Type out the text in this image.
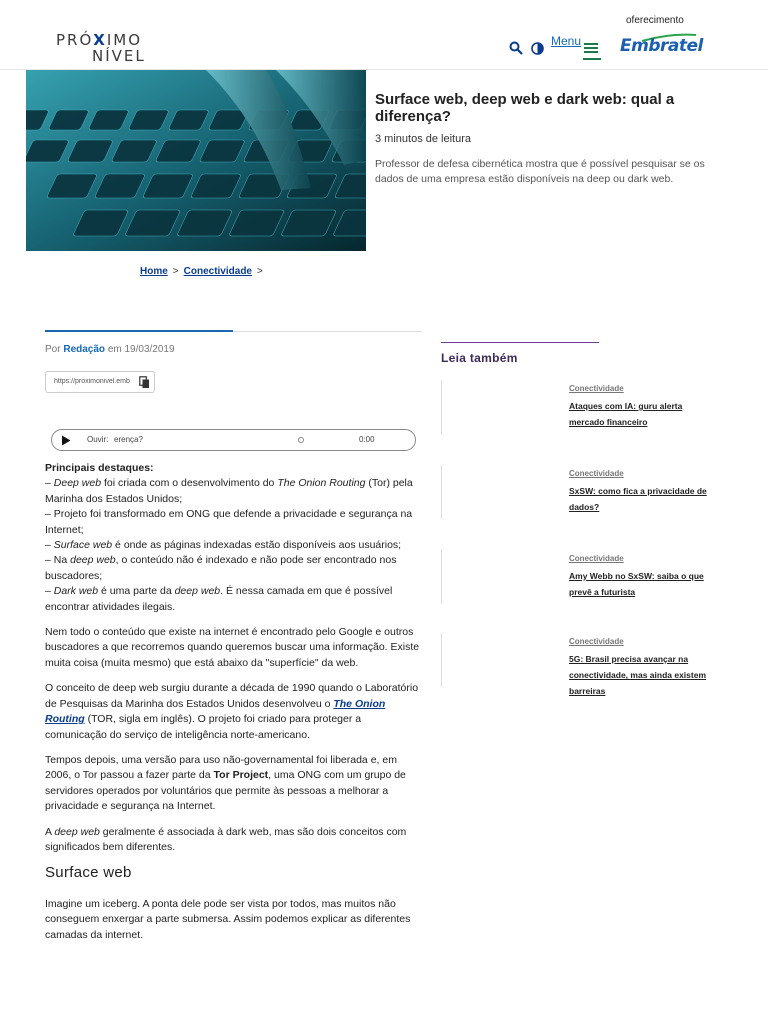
PRÓXIMO
NÍVEL
Menu
oferecimento
Embratel
Surface web, deep web e dark web: qual a diferença?
3 minutos de leitura
Professor de defesa cibernética mostra que é possível pesquisar se os dados de uma empresa estão disponíveis na deep ou dark web.
Home > Conectividade >
Por Redação em 19/03/2019
https://proximonivel.emb
Ouvir: erença?	0:00

Principais destaques:
– Deep web foi criada com o desenvolvimento do The Onion Routing (Tor) pela Marinha dos Estados Unidos;
– Projeto foi transformado em ONG que defende a privacidade e segurança na Internet;
– Surface web é onde as páginas indexadas estão disponíveis aos usuários;
– Na deep web, o conteúdo não é indexado e não pode ser encontrado nos buscadores;
– Dark web é uma parte da deep web. É nessa camada em que é possível encontrar atividades ilegais.

Nem todo o conteúdo que existe na internet é encontrado pelo Google e outros buscadores a que recorremos quando queremos buscar uma informação. Existe muita coisa (muita mesmo) que está abaixo da "superfície" da web.

O conceito de deep web surgiu durante a década de 1990 quando o Laboratório de Pesquisas da Marinha dos Estados Unidos desenvolveu o The Onion Routing (TOR, sigla em inglês). O projeto foi criado para proteger a comunicação do serviço de inteligência norte-americano.

Tempos depois, uma versão para uso não-governamental foi liberada e, em 2006, o Tor passou a fazer parte da Tor Project, uma ONG com um grupo de servidores operados por voluntários que permite às pessoas a melhorar a privacidade e segurança na Internet.

A deep web geralmente é associada à dark web, mas são dois conceitos com significados bem diferentes.

Surface web

Imagine um iceberg. A ponta dele pode ser vista por todos, mas muitos não conseguem enxergar a parte submersa. Assim podemos explicar as diferentes camadas da internet.

Leia também
Conectividade
Ataques com IA: guru alerta mercado financeiro
Conectividade
SxSW: como fica a privacidade de dados?
Conectividade
Amy Webb no SxSW: saiba o que prevê a futurista
Conectividade
5G: Brasil precisa avançar na conectividade, mas ainda existem barreiras
